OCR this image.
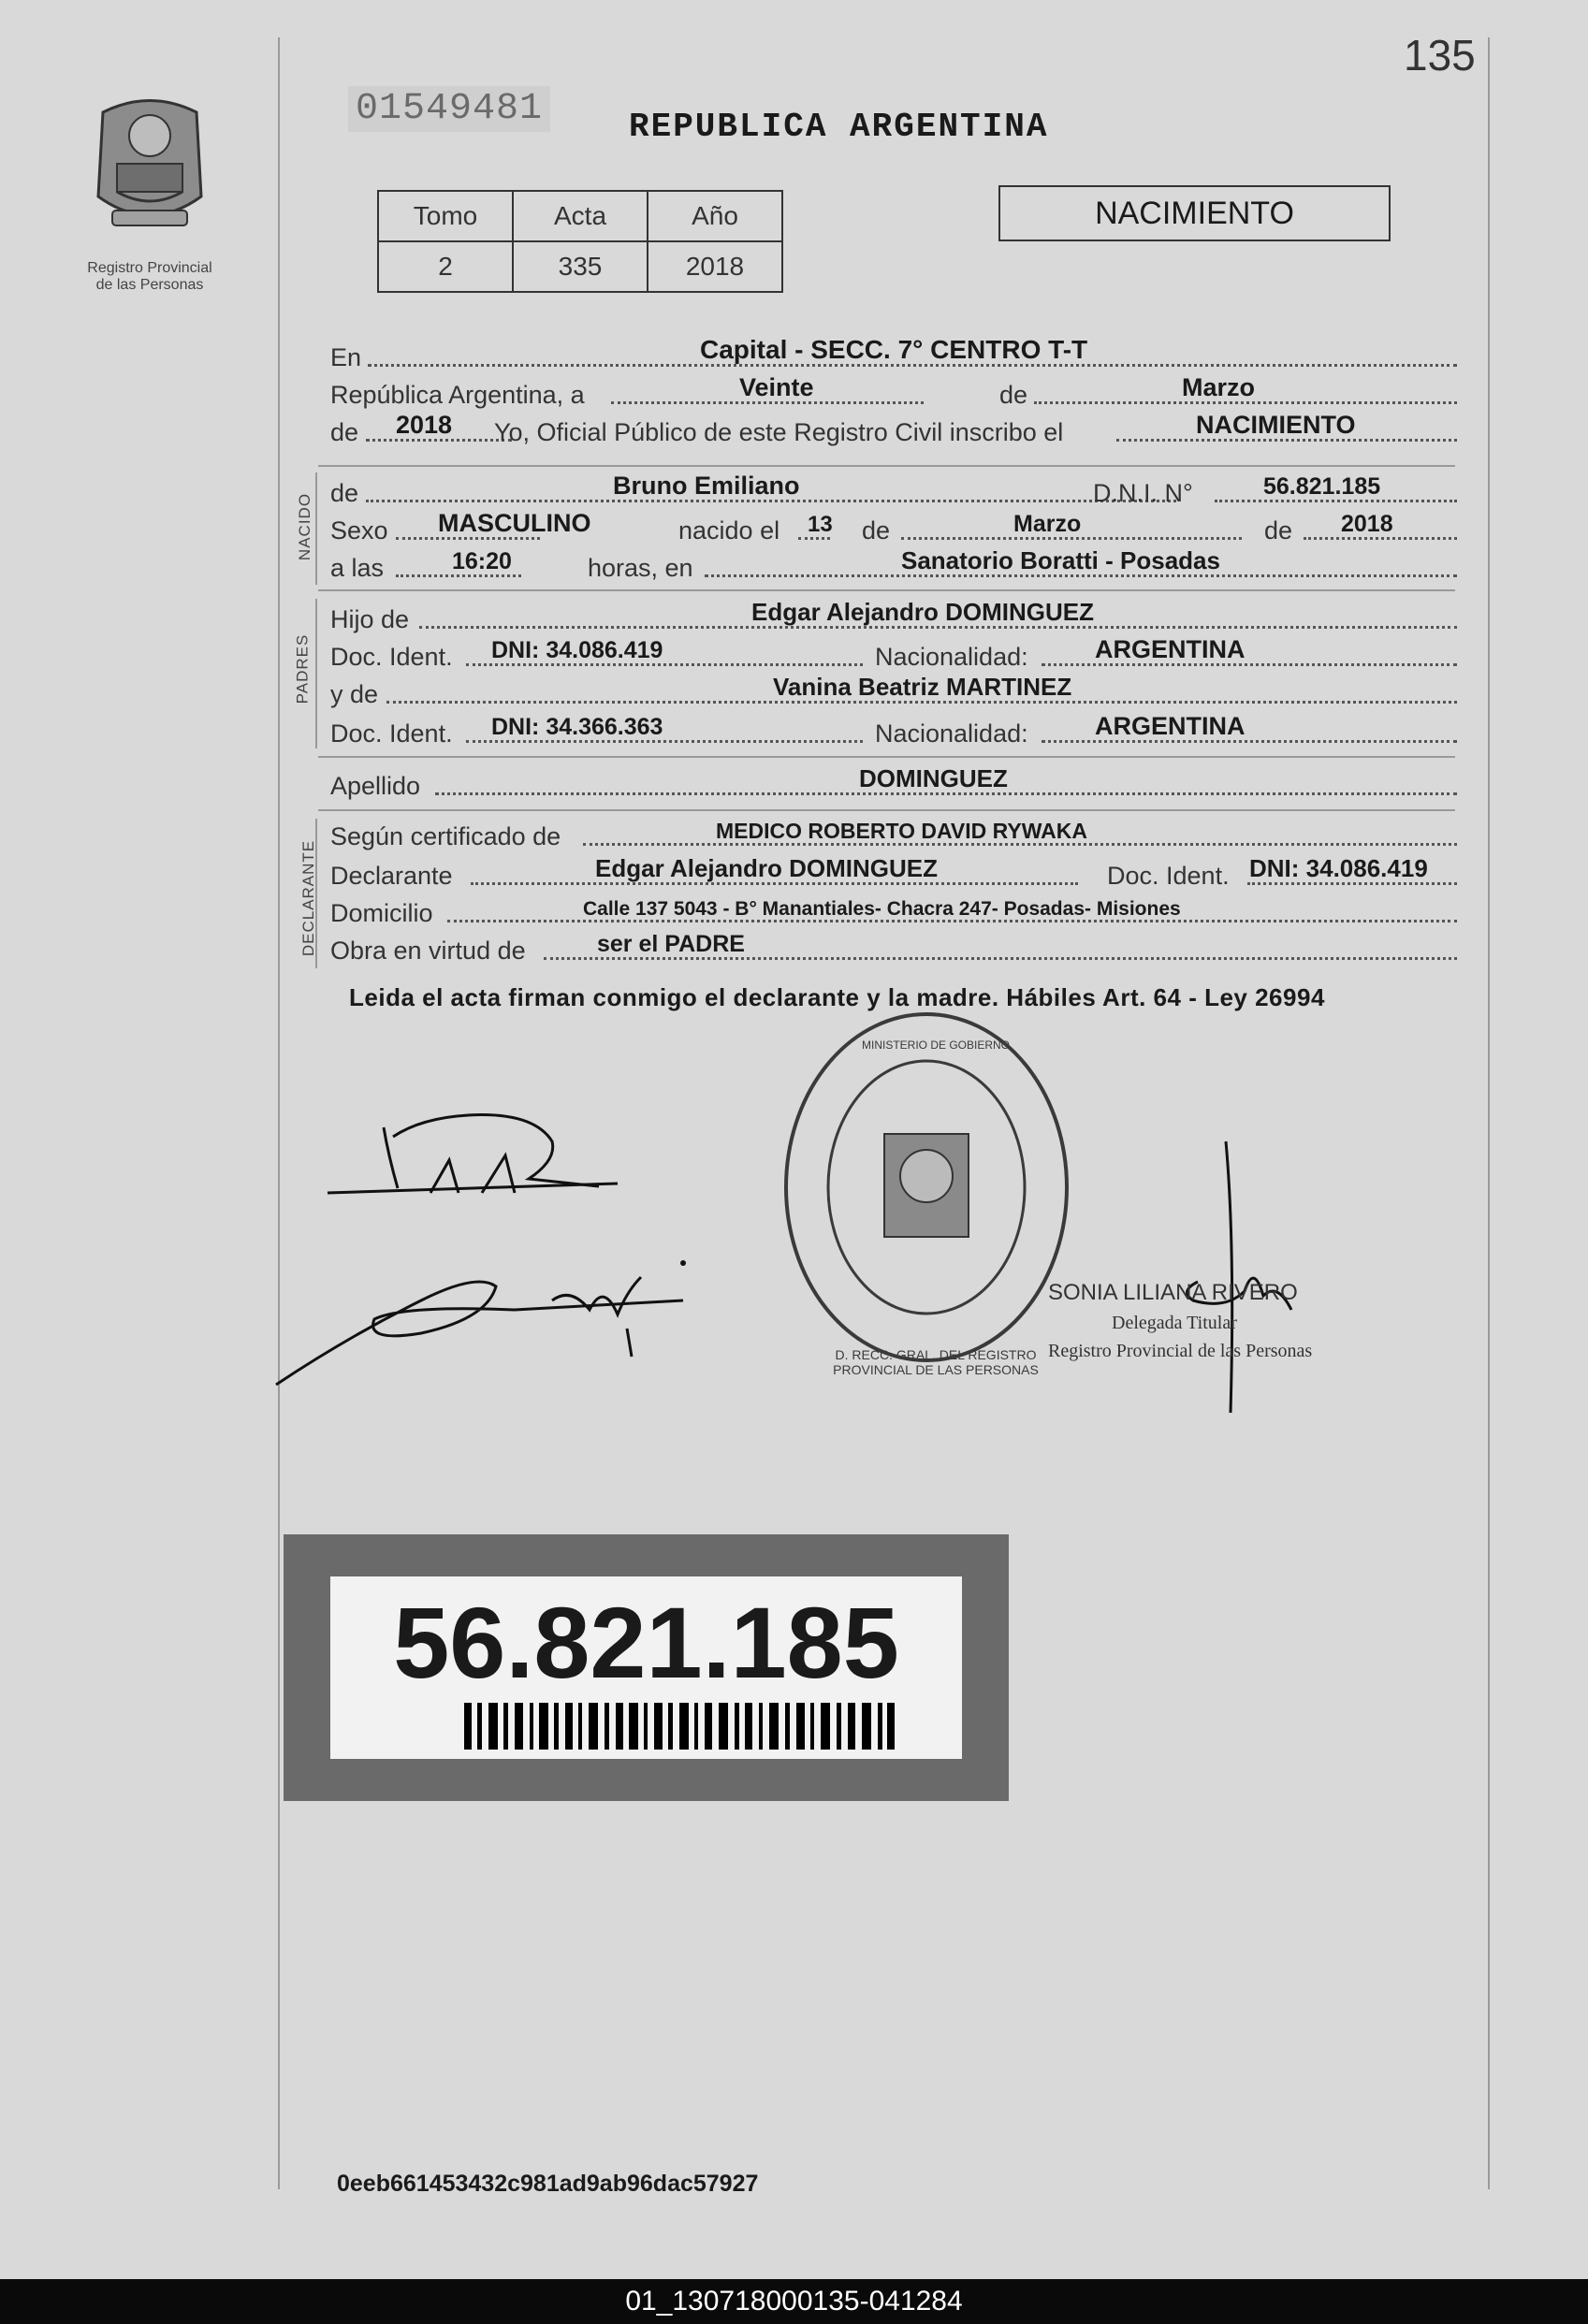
Registro Provincial
de las Personas
135
01549481	REPUBLICA ARGENTINA
Tomo	Acta	Año
2	335	2018
NACIMIENTO
En	Capital - SECC. 7° CENTRO T-T
República Argentina, a	Veinte	de	Marzo
de 2018 Yo, Oficial Público de este Registro Civil inscribo el	NACIMIENTO
NACIDO de	Bruno Emiliano	D.N.I. N°	56.821.185
Sexo MASCULINO	nacido el 13 de	Marzo	de 2018
a las	16:20	horas, en	Sanatorio Boratti - Posadas
PADRES
Hijo de	Edgar Alejandro DOMINGUEZ
Doc. Ident. DNI: 34.086.419	Nacionalidad:	ARGENTINA
y de	Vanina Beatriz MARTINEZ
Doc. Ident. DNI: 34.366.363	Nacionalidad:	ARGENTINA
Apellido	DOMINGUEZ
DECLARANTE
Según certificado de	MEDICO ROBERTO DAVID RYWAKA
Declarante	Edgar Alejandro DOMINGUEZ	Doc. Ident. DNI: 34.086.419
Domicilio	Calle 137 5043 - B° Manantiales- Chacra 247- Posadas- Misiones
Obra en virtud de	ser el PADRE
Leida el acta firman conmigo el declarante y la madre. Hábiles Art. 64 - Ley 26994
D. RECC. GRAL. DEL REGISTRO PROVINCIAL DE LAS PERSONAS
MINISTERIO DE GOBIERNO
SONIA LILIANA RIVERO
Delegada Titular
Registro Provincial de las Personas
56.821.185
0eeb661453432c981ad9ab96dac57927
01_130718000135-041284
